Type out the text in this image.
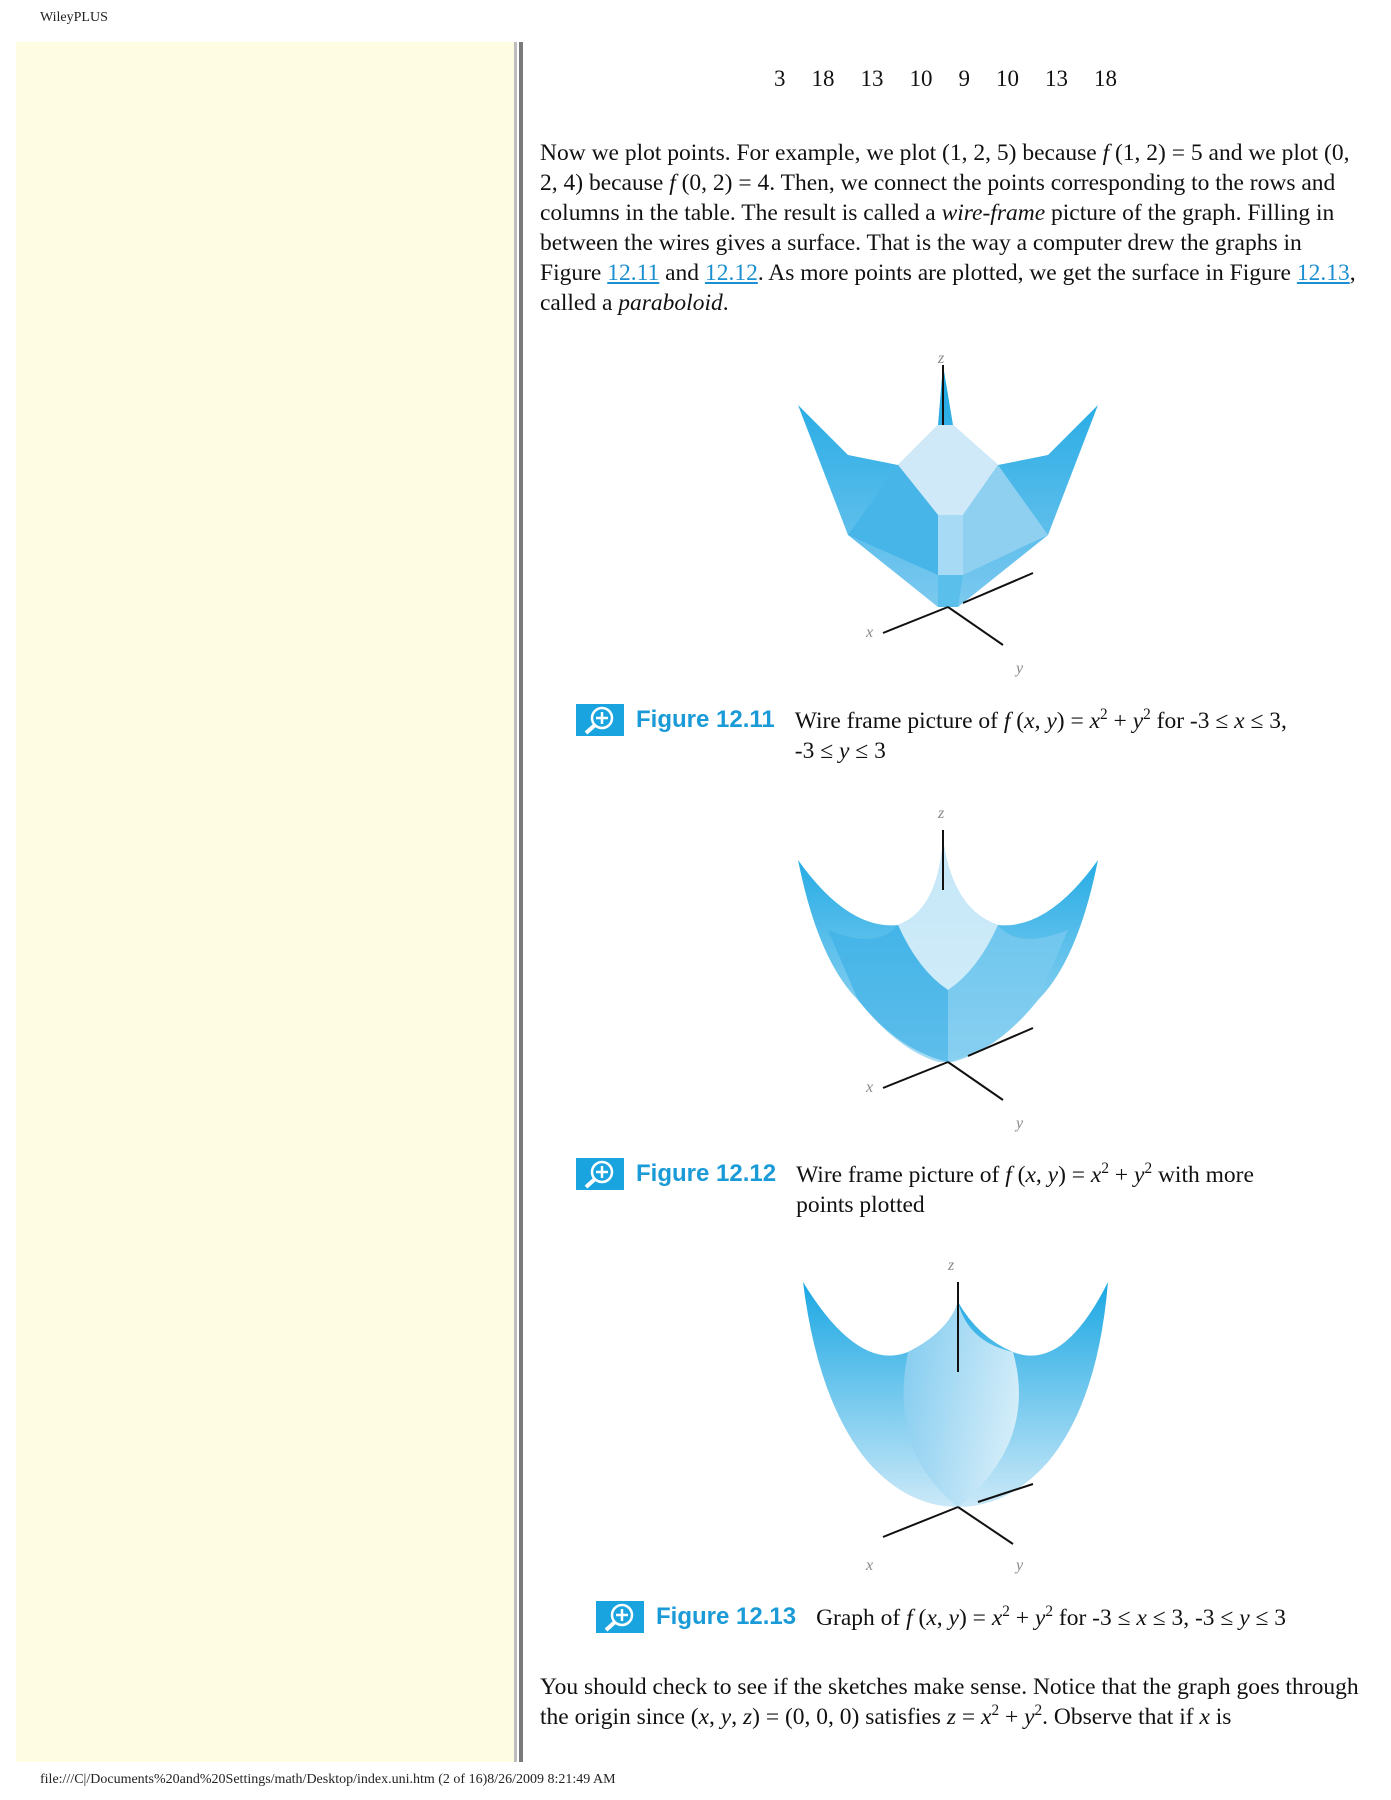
WileyPLUS
3 18 13 10 9 10 13 18
Now we plot points. For example, we plot (1, 2, 5) because f (1, 2) = 5 and we plot (0, 2, 4) because f (0, 2) = 4. Then, we connect the points corresponding to the rows and columns in the table. The result is called a wire-frame picture of the graph. Filling in between the wires gives a surface. That is the way a computer drew the graphs in Figure 12.11 and 12.12. As more points are plotted, we get the surface in Figure 12.13, called a paraboloid.
z
x
y
Figure 12.11 Wire frame picture of f (x, $y) = x^2 + y^2$ for -3 ≤ x ≤ 3,
-3 ≤ y ≤ 3
z
x
y
Figure 12.12 Wire frame picture of f (x, $y) = x^2 + y^2$ with more
points plotted
z
x	y
Figure 12.13 Graph of f (x, $y) = x^2 + y^2$ for -3 ≤ x ≤ 3, -3 ≤ y ≤ 3
You should check to see if the sketches make sense. Notice that the graph goes through the origin since (x, y, z) = (0, 0, 0) satisfies $z = x^2 + y^2$. Observe that if x is
file:///C|/Documents%20and%20Settings/math/Desktop/index.uni.htm (2 of 16)8/26/2009 8:21:49 AM
